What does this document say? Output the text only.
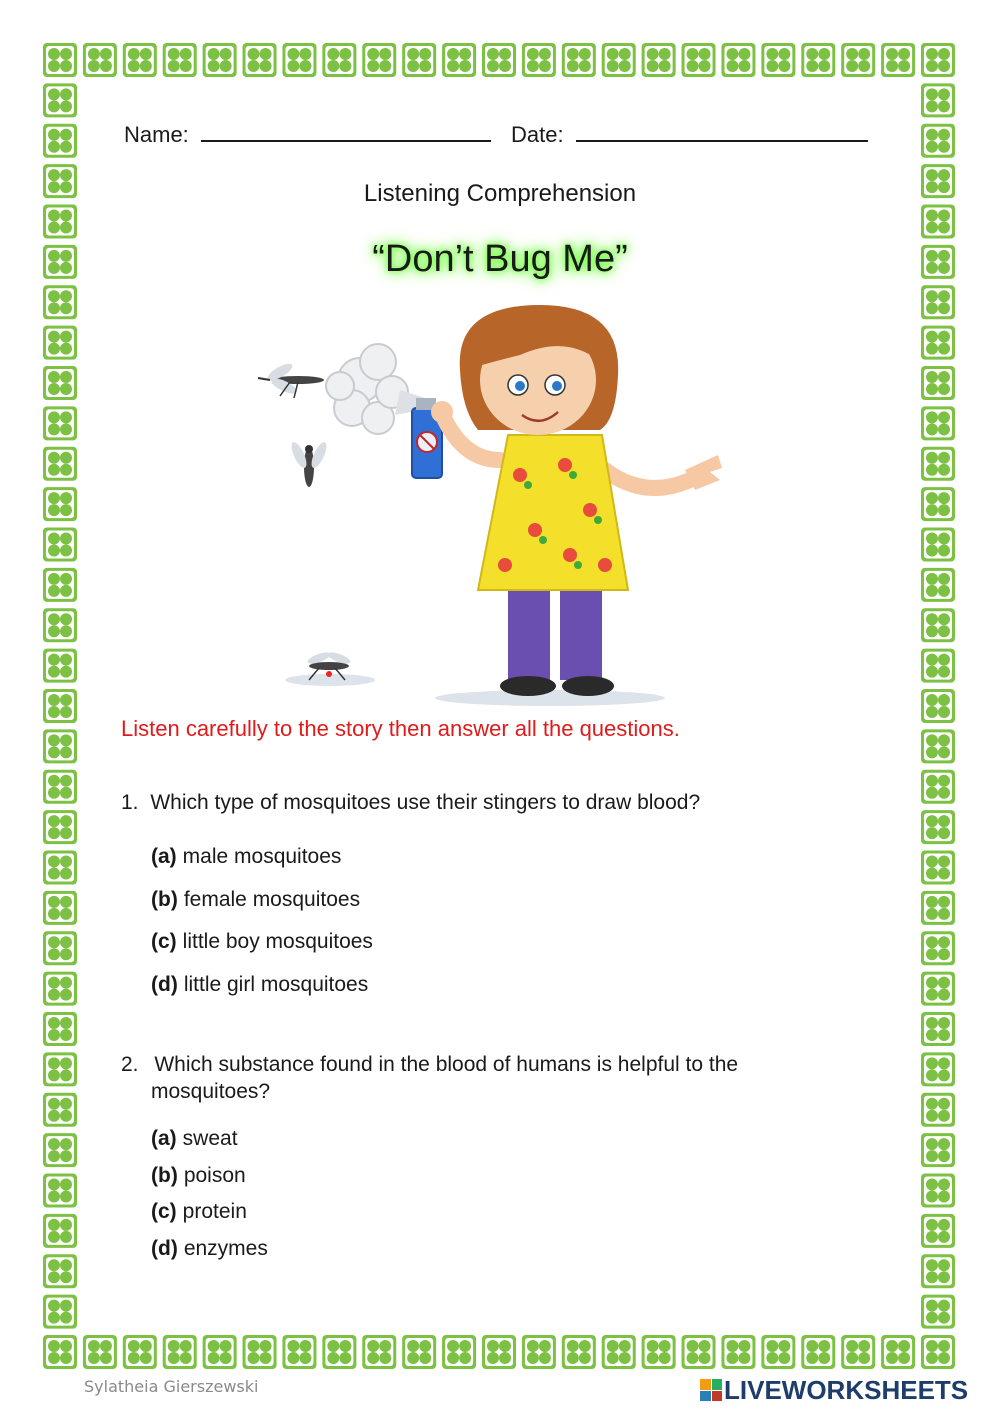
Name:	Date:
Listening Comprehension
“Don’t Bug Me”
Listen carefully to the story then answer all the questions.
1. Which type of mosquitoes use their stingers to draw blood?
(a) male mosquitoes
(b) female mosquitoes
(c) little boy mosquitoes
(d) little girl mosquitoes
2. Which substance found in the blood of humans is helpful to the
mosquitoes?
(a) sweat
(b) poison
(c) protein
(d) enzymes
Sylatheia Gierszewski	LIVEWORKSHEETS
